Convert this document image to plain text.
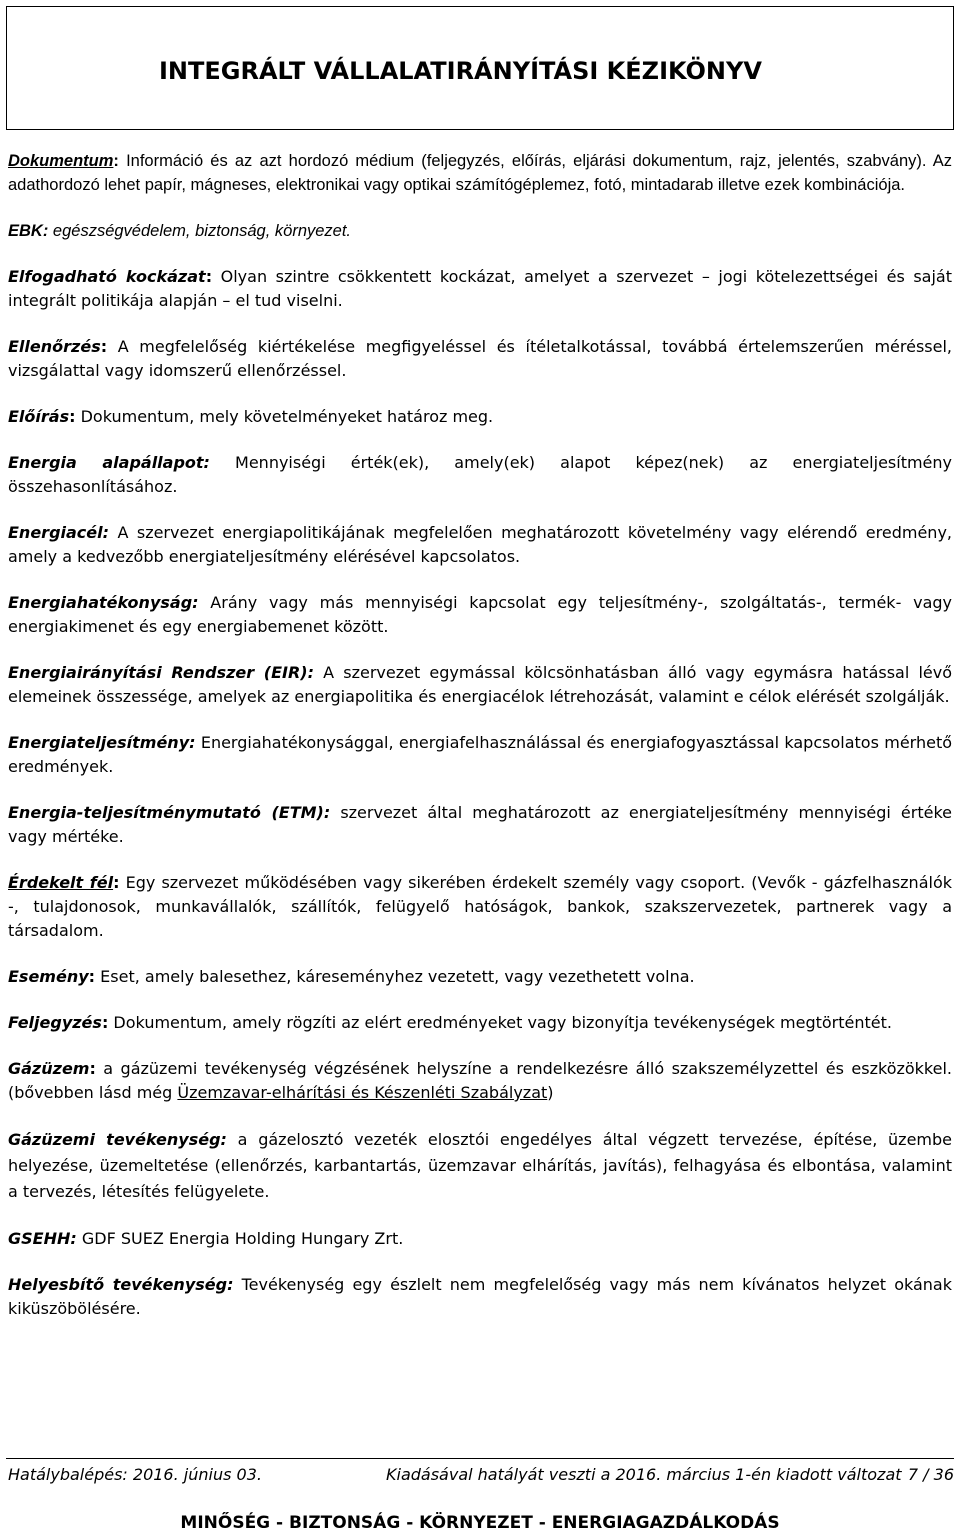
INTEGRÁLT VÁLLALATIRÁNYÍTÁSI KÉZIKÖNYV

Dokumentum: Információ és az azt hordozó médium (feljegyzés, előírás, eljárási dokumentum, rajz, jelentés, szabvány). Az adathordozó lehet papír, mágneses, elektronikai vagy optikai számítógéplemez, fotó, mintadarab illetve ezek kombinációja.

EBK: egészségvédelem, biztonság, környezet.

Elfogadható kockázat: Olyan szintre csökkentett kockázat, amelyet a szervezet – jogi kötelezettségei és saját integrált politikája alapján – el tud viselni.

Ellenőrzés: A megfelelőség kiértékelése megfigyeléssel és ítéletalkotással, továbbá értelemszerűen méréssel, vizsgálattal vagy idomszerű ellenőrzéssel.

Előírás: Dokumentum, mely követelményeket határoz meg.

Energia alapállapot: Mennyiségi érték(ek), amely(ek) alapot képez(nek) az energiateljesítmény összehasonlításához.

Energiacél: A szervezet energiapolitikájának megfelelően meghatározott követelmény vagy elérendő eredmény, amely a kedvezőbb energiateljesítmény elérésével kapcsolatos.

Energiahatékonyság: Arány vagy más mennyiségi kapcsolat egy teljesítmény-, szolgáltatás-, termék- vagy energiakimenet és egy energiabemenet között.

Energiairányítási Rendszer (EIR): A szervezet egymással kölcsönhatásban álló vagy egymásra hatással lévő elemeinek összessége, amelyek az energiapolitika és energiacélok létrehozását, valamint e célok elérését szolgálják.

Energiateljesítmény: Energiahatékonysággal, energiafelhasználással és energiafogyasztással kapcsolatos mérhető eredmények.

Energia-teljesítménymutató (ETM): szervezet által meghatározott az energiateljesítmény mennyiségi értéke vagy mértéke.

Érdekelt fél: Egy szervezet működésében vagy sikerében érdekelt személy vagy csoport. (Vevők - gázfelhasználók -, tulajdonosok, munkavállalók, szállítók, felügyelő hatóságok, bankok, szakszervezetek, partnerek vagy a társadalom.

Esemény: Eset, amely balesethez, káreseményhez vezetett, vagy vezethetett volna.

Feljegyzés: Dokumentum, amely rögzíti az elért eredményeket vagy bizonyítja tevékenységek megtörténtét.

Gázüzem: a gázüzemi tevékenység végzésének helyszíne a rendelkezésre álló szakszemélyzettel és eszközökkel. (bővebben lásd még Üzemzavar-elhárítási és Készenléti Szabályzat)

Gázüzemi tevékenység: a gázelosztó vezeték elosztói engedélyes által végzett tervezése, építése, üzembe helyezése, üzemeltetése (ellenőrzés, karbantartás, üzemzavar elhárítás, javítás), felhagyása és elbontása, valamint a tervezés, létesítés felügyelete.

GSEHH: GDF SUEZ Energia Holding Hungary Zrt.

Helyesbítő tevékenység: Tevékenység egy észlelt nem megfelelőség vagy más nem kívánatos helyzet okának kiküszöbölésére.

Hatálybalépés: 2016. június 03.	Kiadásával hatályát veszti a 2016. március 1-én kiadott változat 7 / 36
MINŐSÉG - BIZTONSÁG - KÖRNYEZET - ENERGIAGAZDÁLKODÁS
